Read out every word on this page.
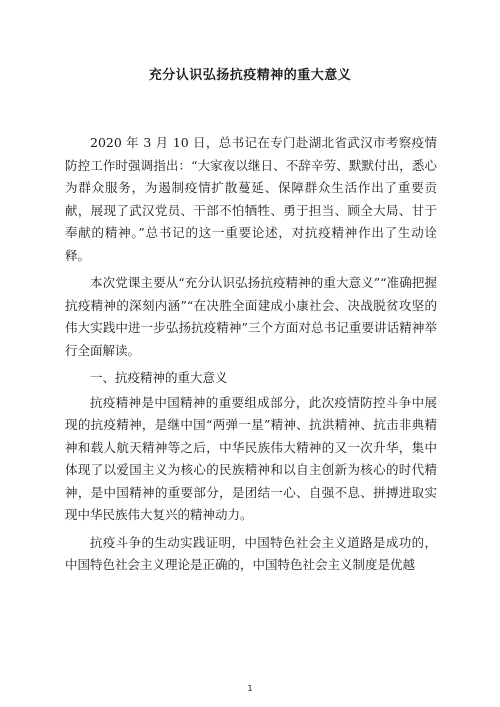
充分认识弘扬抗疫精神的重大意义

2020 年 3 月 10 日，总书记在专门赴湖北省武汉市考察疫情防控工作时强调指出：“大家夜以继日、不辞辛劳、默默付出，悉心为群众服务，为遏制疫情扩散蔓延、保障群众生活作出了重要贡献，展现了武汉党员、干部不怕牺牲、勇于担当、顾全大局、甘于奉献的精神。”总书记的这一重要论述，对抗疫精神作出了生动诠释。

本次党课主要从“充分认识弘扬抗疫精神的重大意义”“准确把握抗疫精神的深刻内涵”“在决胜全面建成小康社会、决战脱贫攻坚的伟大实践中进一步弘扬抗疫精神”三个方面对总书记重要讲话精神举行全面解读。

一、抗疫精神的重大意义

抗疫精神是中国精神的重要组成部分，此次疫情防控斗争中展现的抗疫精神，是继中国“两弹一星”精神、抗洪精神、抗击非典精神和载人航天精神等之后，中华民族伟大精神的又一次升华，集中体现了以爱国主义为核心的民族精神和以自主创新为核心的时代精神，是中国精神的重要部分，是团结一心、自强不息、拼搏进取实现中华民族伟大复兴的精神动力。

抗疫斗争的生动实践证明，中国特色社会主义道路是成功的，中国特色社会主义理论是正确的，中国特色社会主义制度是优越

1
